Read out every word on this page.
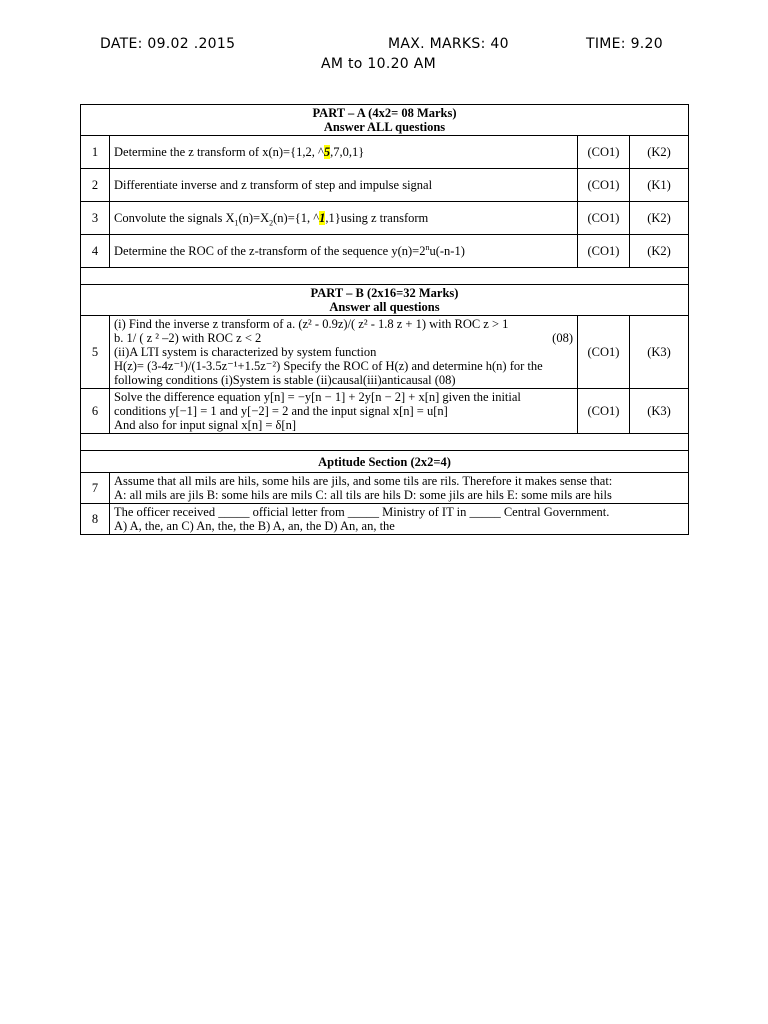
DATE: 09.02 .2015	MAX. MARKS: 40	TIME: 9.20
AM to 10.20 AM
PART – A (4x2= 08 Marks)
Answer ALL questions			

1	Determine the z transform of x(n)={1,2, ^5,7,0,1}	(CO1)	(K2)
2	Differentiate inverse and z transform of step and impulse signal	(CO1)	(K1)
3	Convolute the signals $X_1(n)=X_2(n)=\{1$, ^1,1}using z transform	(CO1)	(K2)
4	Determine the ROC of the z-transform of the sequence $y(n)=2^nu(-n-1)$	(CO1)	(K2)

PART – B (2x16=32 Marks)
Answer all questions			

5	(i) Find the inverse z transform of a. (z² - 0.9z)/( z² - 1.8 z + 1) with ROC z > 1
b. 1/ ( z ² –2) with ROC z < 2 (08)
(ii)A LTI system is characterized by system function
H(z)= (3-4z⁻¹)/(1-3.5z⁻¹+1.5z⁻²) Specify the ROC of H(z) and determine h(n) for the following conditions (i)System is stable (ii)causal(iii)anticausal (08)	(CO1)	(K3)
6	Solve the difference equation y[n] = −y[n − 1] + 2y[n − 2] + x[n] given the initial conditions y[−1] = 1 and y[−2] = 2 and the input signal x[n] = u[n]
And also for input signal x[n] = δ[n]	(CO1)	(K3)

Aptitude Section (2x2=4)			
7	Assume that all mils are hils, some hils are jils, and some tils are rils. Therefore it makes sense that:
A: all mils are jils B: some hils are mils C: all tils are hils D: some jils are hils E: some mils are hils		

8	The officer received _____ official letter from _____ Ministry of IT in _____ Central Government.
A) A, the, an C) An, the, the B) A, an, the D) An, an, the		
